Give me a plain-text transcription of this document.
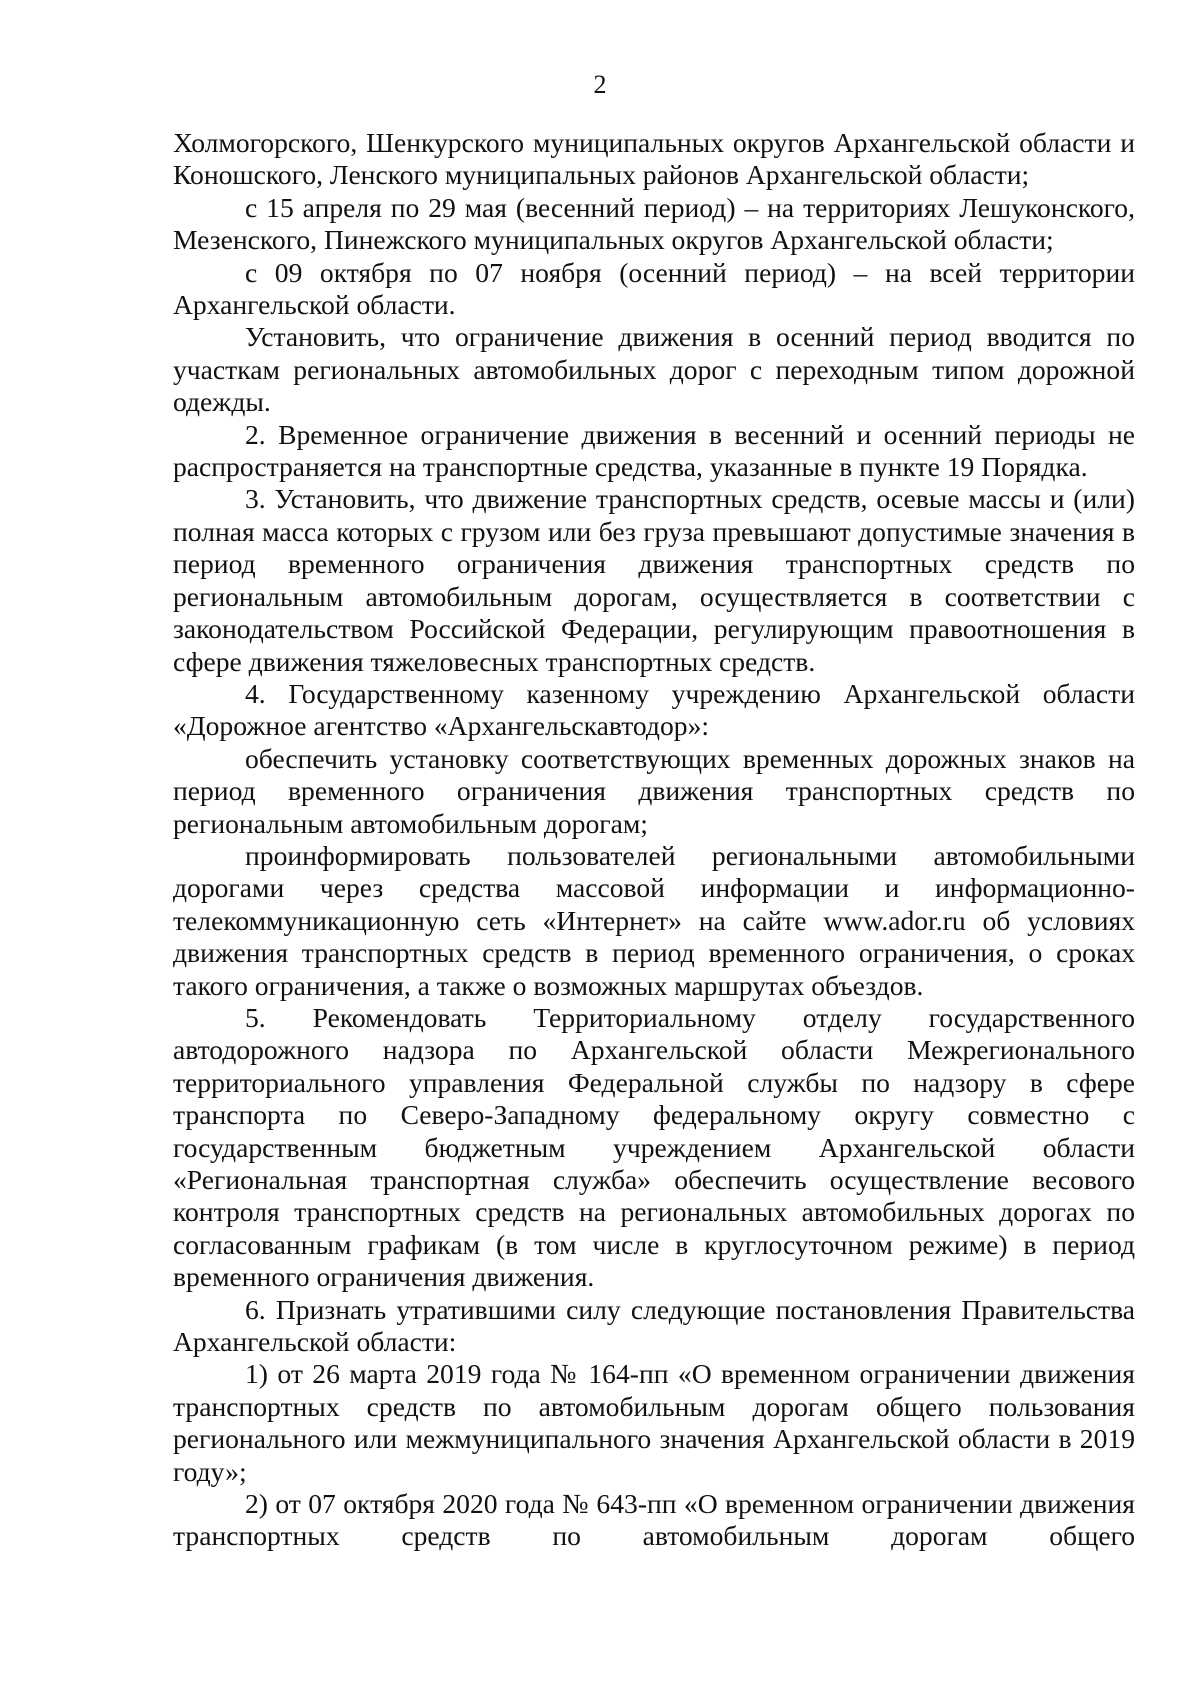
2

Холмогорского, Шенкурского муниципальных округов Архангельской области и Коношского, Ленского муниципальных районов Архангельской области;

с 15 апреля по 29 мая (весенний период) – на территориях Лешуконского, Мезенского, Пинежского муниципальных округов Архангельской области;

с 09 октября по 07 ноября (осенний период) – на всей территории Архангельской области.

Установить, что ограничение движения в осенний период вводится по участкам региональных автомобильных дорог с переходным типом дорожной одежды.

2. Временное ограничение движения в весенний и осенний периоды не распространяется на транспортные средства, указанные в пункте 19 Порядка.

3. Установить, что движение транспортных средств, осевые массы и (или) полная масса которых с грузом или без груза превышают допустимые значения в период временного ограничения движения транспортных средств по региональным автомобильным дорогам, осуществляется в соответствии с законодательством Российской Федерации, регулирующим правоотношения в сфере движения тяжеловесных транспортных средств.

4. Государственному казенному учреждению Архангельской области «Дорожное агентство «Архангельскавтодор»:

обеспечить установку соответствующих временных дорожных знаков на период временного ограничения движения транспортных средств по региональным автомобильным дорогам;

проинформировать пользователей региональными автомобильными дорогами через средства массовой информации и информационно-телекоммуникационную сеть «Интернет» на сайте www.ador.ru об условиях движения транспортных средств в период временного ограничения, о сроках такого ограничения, а также о возможных маршрутах объездов.

5. Рекомендовать Территориальному отделу государственного автодорожного надзора по Архангельской области Межрегионального территориального управления Федеральной службы по надзору в сфере транспорта по Северо-Западному федеральному округу совместно с государственным бюджетным учреждением Архангельской области «Региональная транспортная служба» обеспечить осуществление весового контроля транспортных средств на региональных автомобильных дорогах по согласованным графикам (в том числе в круглосуточном режиме) в период временного ограничения движения.

6. Признать утратившими силу следующие постановления Правительства Архангельской области:

1) от 26 марта 2019 года № 164-пп «О временном ограничении движения транспортных средств по автомобильным дорогам общего пользования регионального или межмуниципального значения Архангельской области в 2019 году»;

2) от 07 октября 2020 года № 643-пп «О временном ограничении движения транспортных средств по автомобильным дорогам общего
